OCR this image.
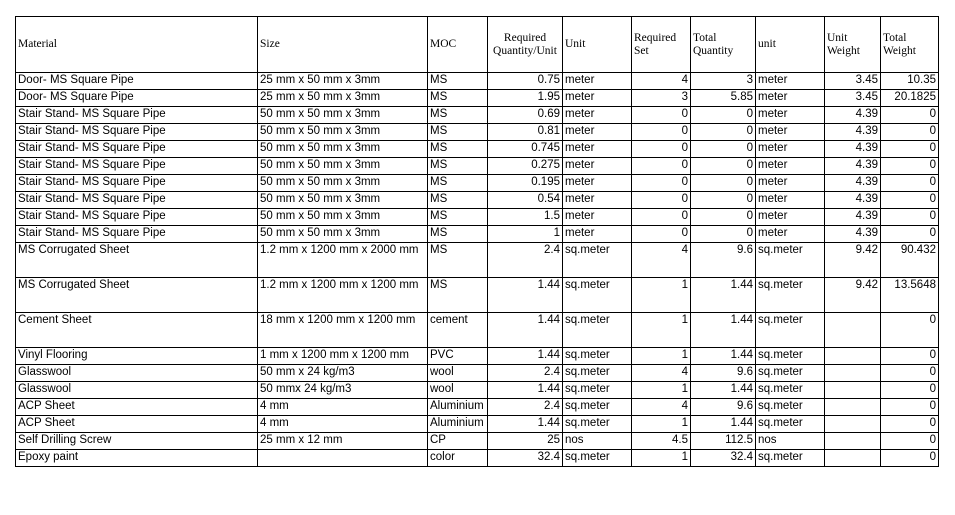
Material	Size	MOC	Required Quantity/Unit	Unit	Required Set	Total Quantity	unit	Unit Weight	Total Weight
Door- MS Square Pipe	25 mm x 50 mm x 3mm	MS	0.75	meter	4	3	meter	3.45	10.35
Door- MS Square Pipe	25 mm x 50 mm x 3mm	MS	1.95	meter	3	5.85	meter	3.45	20.1825
Stair Stand- MS Square Pipe	50 mm x 50 mm x 3mm	MS	0.69	meter	0	0	meter	4.39	0
Stair Stand- MS Square Pipe	50 mm x 50 mm x 3mm	MS	0.81	meter	0	0	meter	4.39	0
Stair Stand- MS Square Pipe	50 mm x 50 mm x 3mm	MS	0.745	meter	0	0	meter	4.39	0
Stair Stand- MS Square Pipe	50 mm x 50 mm x 3mm	MS	0.275	meter	0	0	meter	4.39	0
Stair Stand- MS Square Pipe	50 mm x 50 mm x 3mm	MS	0.195	meter	0	0	meter	4.39	0
Stair Stand- MS Square Pipe	50 mm x 50 mm x 3mm	MS	0.54	meter	0	0	meter	4.39	0
Stair Stand- MS Square Pipe	50 mm x 50 mm x 3mm	MS	1.5	meter	0	0	meter	4.39	0
Stair Stand- MS Square Pipe	50 mm x 50 mm x 3mm	MS	1	meter	0	0	meter	4.39	0
MS Corrugated Sheet	1.2 mm x 1200 mm x 2000 mm	MS	2.4	sq.meter	4	9.6	sq.meter	9.42	90.432
MS Corrugated Sheet	1.2 mm x 1200 mm x 1200 mm	MS	1.44	sq.meter	1	1.44	sq.meter	9.42	13.5648
Cement Sheet	18 mm x 1200 mm x 1200 mm	cement	1.44	sq.meter	1	1.44	sq.meter		0
Vinyl Flooring	1 mm x 1200 mm x 1200 mm	PVC	1.44	sq.meter	1	1.44	sq.meter		0
Glasswool	50 mm x 24 kg/m3	wool	2.4	sq.meter	4	9.6	sq.meter		0
Glasswool	50 mmx 24 kg/m3	wool	1.44	sq.meter	1	1.44	sq.meter		0
ACP Sheet	4 mm	Aluminium	2.4	sq.meter	4	9.6	sq.meter		0
ACP Sheet	4 mm	Aluminium	1.44	sq.meter	1	1.44	sq.meter		0
Self Drilling Screw	25 mm x 12 mm	CP	25	nos	4.5	112.5	nos		0
Epoxy paint		color	32.4	sq.meter	1	32.4	sq.meter		0
